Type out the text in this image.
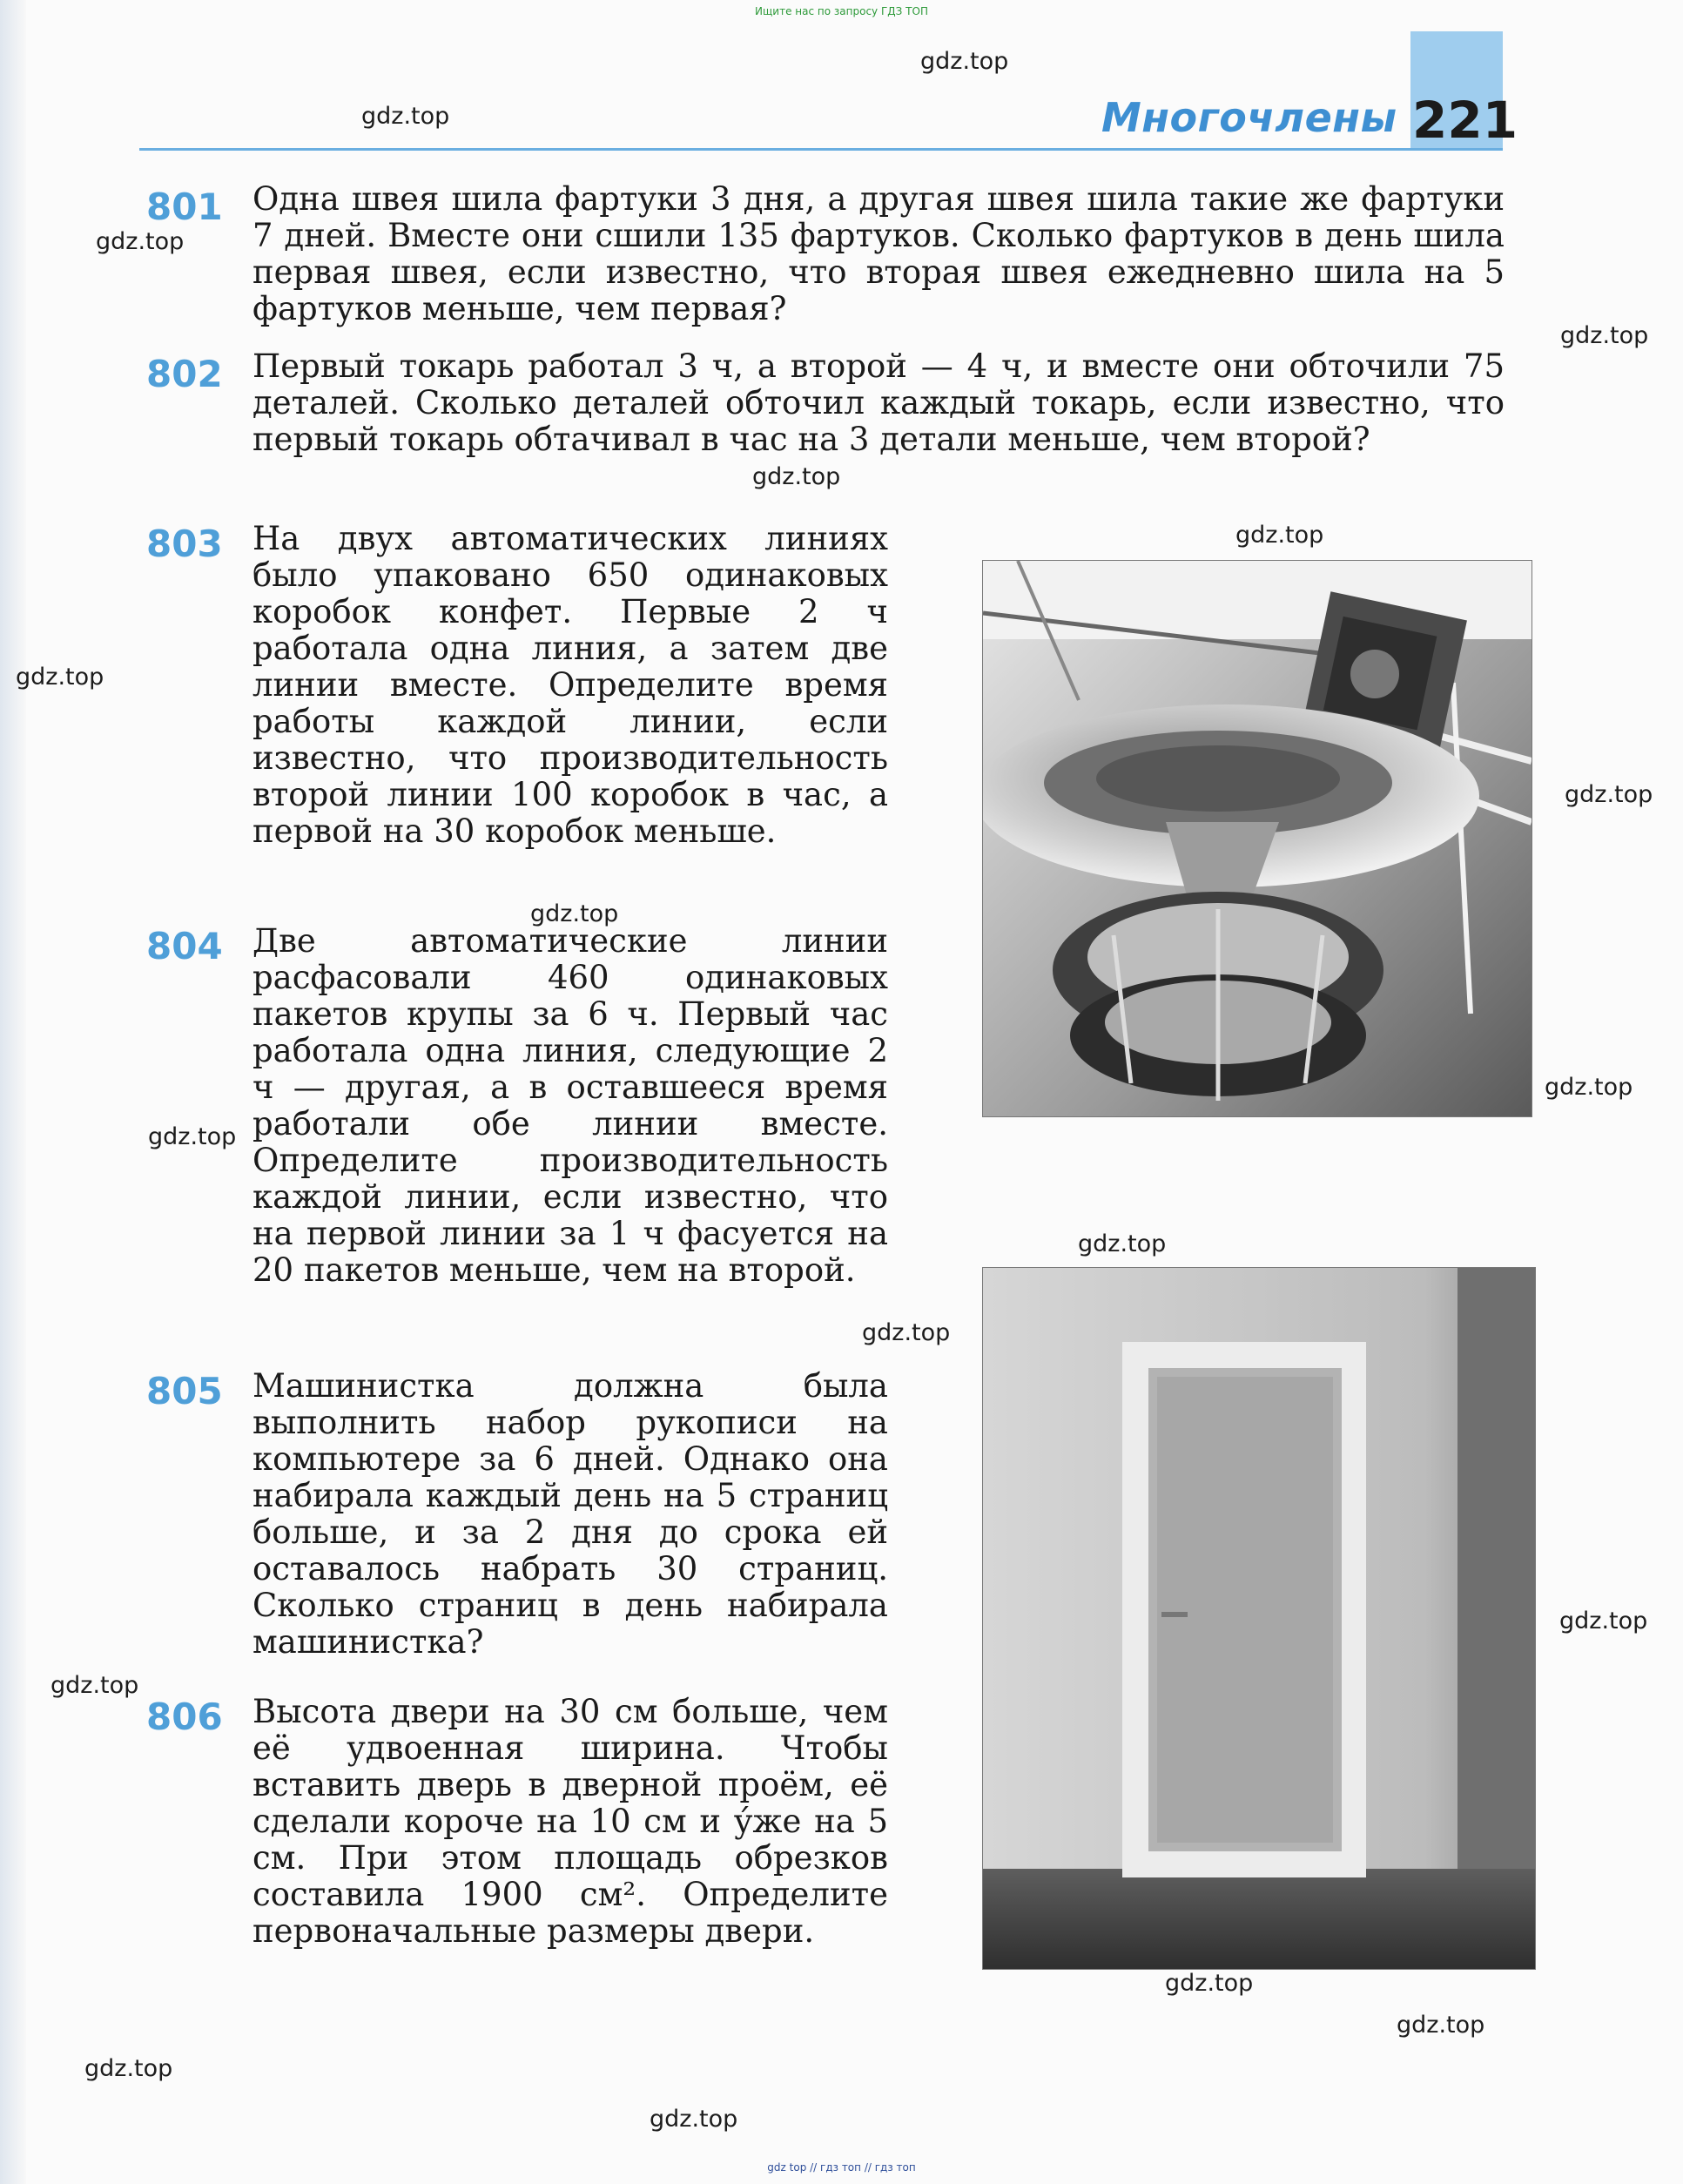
Ищите нас по запросу ГДЗ ТОП
Многочлены 221
801 Одна швея шила фартуки 3 дня, а другая швея шила такие же фартуки 7 дней. Вместе они сшили 135 фартуков. Сколько фартуков в день шила первая швея, если известно, что вторая швея ежедневно шила на 5 фартуков меньше, чем первая?
802 Первый токарь работал 3 ч, а второй — 4 ч, и вместе они обточили 75 деталей. Сколько деталей обточил каждый токарь, если известно, что первый токарь обтачивал в час на 3 детали меньше, чем второй?
803 На двух автоматических линиях было упаковано 650 одинаковых коробок конфет. Первые 2 ч работала одна линия, а затем две линии вместе. Определите время работы каждой линии, если известно, что производительность второй линии 100 коробок в час, а первой на 30 коробок меньше.
804 Две автоматические линии расфасовали 460 одинаковых пакетов крупы за 6 ч. Первый час работала одна линия, следующие 2 ч — другая, а в оставшееся время работали обе линии вместе. Определите производительность каждой линии, если известно, что на первой линии за 1 ч фасуется на 20 пакетов меньше, чем на второй.
805 Машинистка должна была выполнить набор рукописи на компьютере за 6 дней. Однако она набирала каждый день на 5 страниц больше, и за 2 дня до срока ей оставалось набрать 30 страниц. Сколько страниц в день набирала машинистка?
806 Высота двери на 30 см больше, чем её удвоенная ширина. Чтобы вставить дверь в дверной проём, её сделали короче на 10 см и у́же на 5 см. При этом площадь обрезков составила 1900 см². Определите первоначальные размеры двери.
gdz.top
gdz.top
gdz.top
gdz.top
gdz.top
gdz.top
gdz.top
gdz.top
gdz.top
gdz.top
gdz.top
gdz.top
gdz.top
gdz.top
gdz.top
gdz.top
gdz.top
gdz.top
gdz.top
gdz top // гдз топ // гдз топ
